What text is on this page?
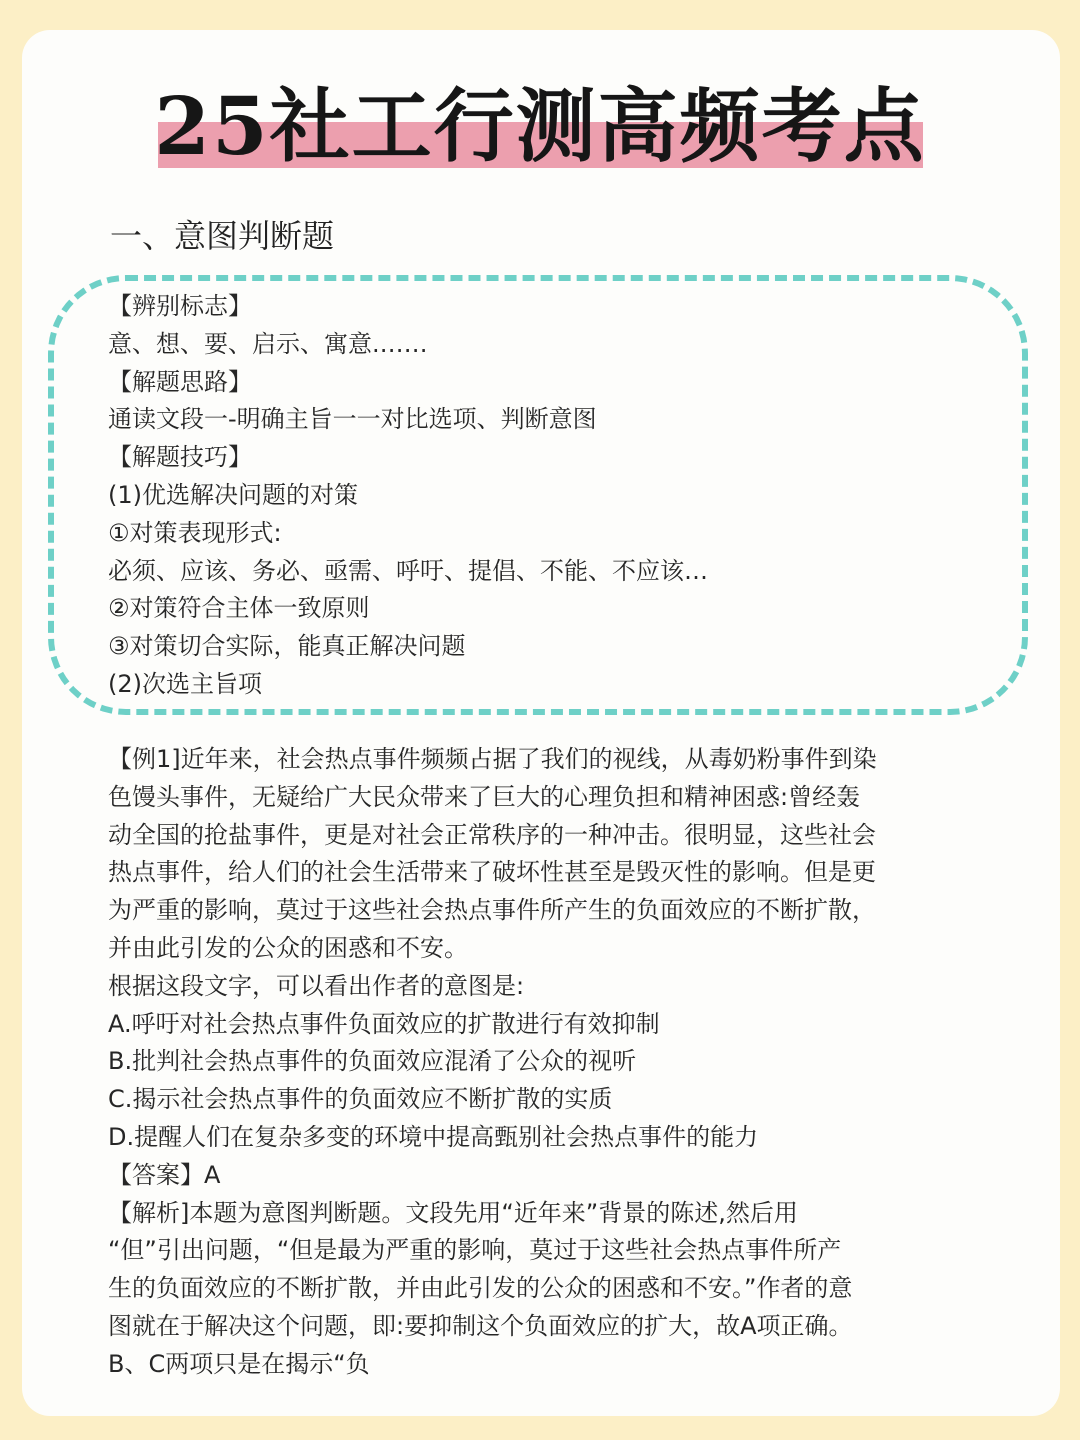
25社工行测高频考点
一、意图判断题
【辨别标志】
意、想、要、启示、寓意.……
【解题思路】
通读文段一-明确主旨一一对比选项、判断意图
【解题技巧】
(1)优选解决问题的对策
①对策表现形式:
必须、应该、务必、亟需、呼吁、提倡、不能、不应该…
②对策符合主体一致原则
③对策切合实际，能真正解决问题
(2)次选主旨项
【例1]近年来，社会热点事件频频占据了我们的视线，从毒奶粉事件到染
色馒头事件，无疑给广大民众带来了巨大的心理负担和精神困惑:曾经轰
动全国的抢盐事件，更是对社会正常秩序的一种冲击。很明显，这些社会
热点事件，给人们的社会生活带来了破坏性甚至是毁灭性的影响。但是更
为严重的影响，莫过于这些社会热点事件所产生的负面效应的不断扩散，
并由此引发的公众的困惑和不安。
根据这段文字，可以看出作者的意图是:
A.呼吁对社会热点事件负面效应的扩散进行有效抑制
B.批判社会热点事件的负面效应混淆了公众的视听
C.揭示社会热点事件的负面效应不断扩散的实质
D.提醒人们在复杂多变的环境中提高甄别社会热点事件的能力
【答案】A
【解析]本题为意图判断题。文段先用“近年来”背景的陈述,然后用
“但”引出问题，“但是最为严重的影响，莫过于这些社会热点事件所产
生的负面效应的不断扩散，并由此引发的公众的困惑和不安。”作者的意
图就在于解决这个问题，即:要抑制这个负面效应的扩大，故A项正确。
B、C两项只是在揭示“负
